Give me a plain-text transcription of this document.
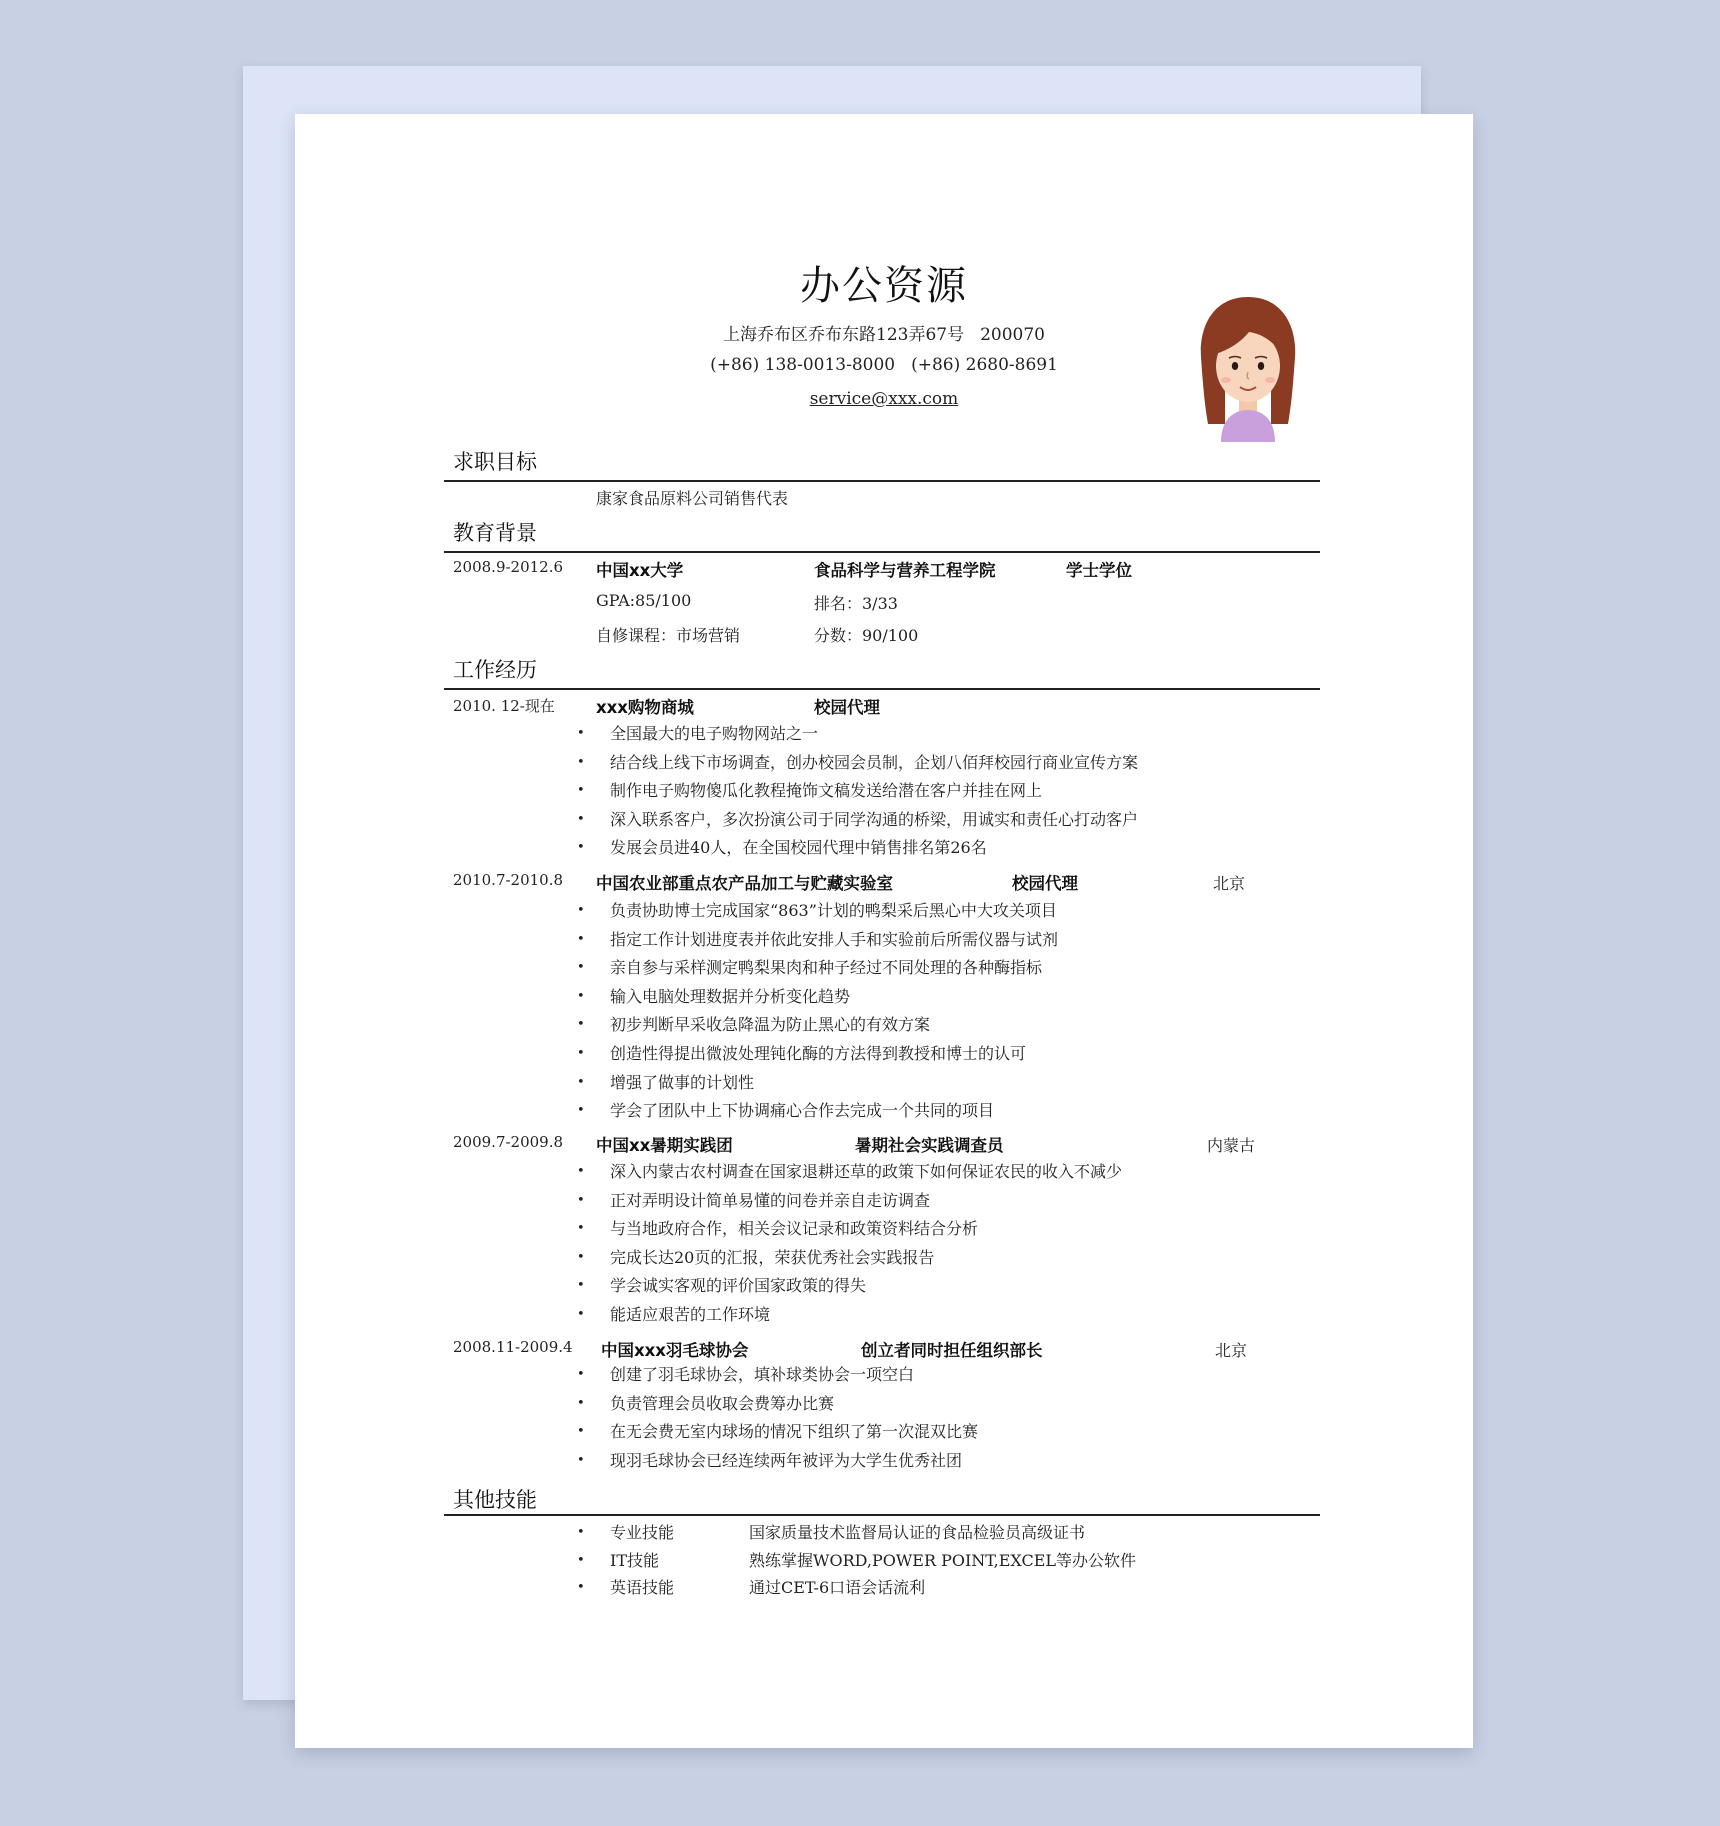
办公资源
上海乔布区乔布东路123弄67号 200070
(+86) 138-0013-8000 (+86) 2680-8691
service@xxx.com
求职目标
康家食品原料公司销售代表
教育背景
2008.9-2012.6 中国xx大学	食品科学与营养工程学院	学士学位
GPA:85/100	排名：3/33
自修课程：市场营销	分数：90/100
工作经历
2010. 12-现在 xxx购物商城	校园代理
• 全国最大的电子购物网站之一
• 结合线上线下市场调查，创办校园会员制，企划八佰拜校园行商业宣传方案
• 制作电子购物傻瓜化教程掩饰文稿发送给潜在客户并挂在网上
• 深入联系客户，多次扮演公司于同学沟通的桥梁，用诚实和责任心打动客户
• 发展会员进40人，在全国校园代理中销售排名第26名
2010.7-2010.8 中国农业部重点农产品加工与贮藏实验室	校园代理	北京
• 负责协助博士完成国家“863”计划的鸭梨采后黑心中大攻关项目
• 指定工作计划进度表并依此安排人手和实验前后所需仪器与试剂
• 亲自参与采样测定鸭梨果肉和种子经过不同处理的各种酶指标
• 输入电脑处理数据并分析变化趋势
• 初步判断早采收急降温为防止黑心的有效方案
• 创造性得提出微波处理钝化酶的方法得到教授和博士的认可
• 增强了做事的计划性
• 学会了团队中上下协调痛心合作去完成一个共同的项目
2009.7-2009.8 中国xx暑期实践团	暑期社会实践调查员	内蒙古
• 深入内蒙古农村调查在国家退耕还草的政策下如何保证农民的收入不减少
• 正对弄明设计简单易懂的问卷并亲自走访调查
• 与当地政府合作，相关会议记录和政策资料结合分析
• 完成长达20页的汇报，荣获优秀社会实践报告
• 学会诚实客观的评价国家政策的得失
• 能适应艰苦的工作环境
2008.11-2009.4 中国xxx羽毛球协会	创立者同时担任组织部长	北京
• 创建了羽毛球协会，填补球类协会一项空白
• 负责管理会员收取会费筹办比赛
• 在无会费无室内球场的情况下组织了第一次混双比赛
• 现羽毛球协会已经连续两年被评为大学生优秀社团
其他技能
专业技能	国家质量技术监督局认证的食品检验员高级证书
IT技能	熟练掌握WORD,POWER POINT,EXCEL等办公软件
英语技能	通过CET-6口语会话流利
